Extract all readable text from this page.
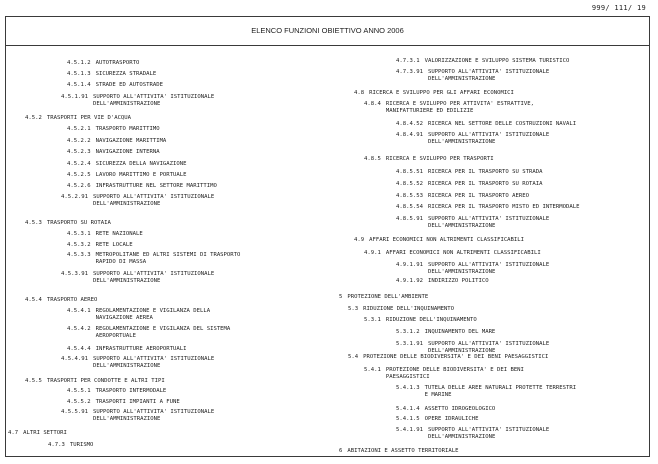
999/ 111/ 19
ELENCO FUNZIONI OBIETTIVO ANNO 2006
4.5.1.2 AUTOTRASPORTO
4.5.1.3 SICUREZZA STRADALE
4.5.1.4 STRADE ED AUTOSTRADE
4.5.1.91 SUPPORTO ALL'ATTIVITA' ISTITUZIONALE
DELL'AMMINISTRAZIONE
4.5.2 TRASPORTI PER VIE D'ACQUA
4.5.2.1 TRASPORTO MARITTIMO
4.5.2.2 NAVIGAZIONE MARITTIMA
4.5.2.3 NAVIGAZIONE INTERNA
4.5.2.4 SICUREZZA DELLA NAVIGAZIONE
4.5.2.5 LAVORO MARITTIMO E PORTUALE
4.5.2.6 INFRASTRUTTURE NEL SETTORE MARITTIMO
4.5.2.91 SUPPORTO ALL'ATTIVITA' ISTITUZIONALE
DELL'AMMINISTRAZIONE
4.5.3 TRASPORTO SU ROTAIA
4.5.3.1 RETE NAZIONALE
4.5.3.2 RETE LOCALE
4.5.3.3 METROPOLITANE ED ALTRI SISTEMI DI TRASPORTO
RAPIDO DI MASSA
4.5.3.91 SUPPORTO ALL'ATTIVITA' ISTITUZIONALE
DELL'AMMINISTRAZIONE
4.5.4 TRASPORTO AEREO
4.5.4.1 REGOLAMENTAZIONE E VIGILANZA DELLA
NAVIGAZIONE AEREA
4.5.4.2 REGOLAMENTAZIONE E VIGILANZA DEL SISTEMA
AEROPORTUALE
4.5.4.4 INFRASTRUTTURE AEROPORTUALI
4.5.4.91 SUPPORTO ALL'ATTIVITA' ISTITUZIONALE
DELL'AMMINISTRAZIONE
4.5.5 TRASPORTI PER CONDOTTE E ALTRI TIPI
4.5.5.1 TRASPORTO INTERMODALE
4.5.5.2 TRASPORTI IMPIANTI A FUNE
4.5.5.91 SUPPORTO ALL'ATTIVITA' ISTITUZIONALE
DELL'AMMINISTRAZIONE
4.7 ALTRI SETTORI
4.7.3 TURISMO
4.7.3.1 VALORIZZAZIONE E SVILUPPO SISTEMA TURISTICO
4.7.3.91 SUPPORTO ALL'ATTIVITA' ISTITUZIONALE
DELL'AMMINISTRAZIONE
4.8 RICERCA E SVILUPPO PER GLI AFFARI ECONOMICI
4.8.4 RICERCA E SVILUPPO PER ATTIVITA' ESTRATTIVE,
MANIFATTURIERE ED EDILIZIE
4.8.4.52 RICERCA NEL SETTORE DELLE COSTRUZIONI NAVALI
4.8.4.91 SUPPORTO ALL'ATTIVITA' ISTITUZIONALE
DELL'AMMINISTRAZIONE
4.8.5 RICERCA E SVILUPPO PER TRASPORTI
4.8.5.51 RICERCA PER IL TRASPORTO SU STRADA
4.8.5.52 RICERCA PER IL TRASPORTO SU ROTAIA
4.8.5.53 RICERCA PER IL TRASPORTO AEREO
4.8.5.54 RICERCA PER IL TRASPORTO MISTO ED INTERMODALE
4.8.5.91 SUPPORTO ALL'ATTIVITA' ISTITUZIONALE
DELL'AMMINISTRAZIONE
4.9 AFFARI ECONOMICI NON ALTRIMENTI CLASSIFICABILI
4.9.1 AFFARI ECONOMICI NON ALTRIMENTI CLASSIFICABILI
4.9.1.91 SUPPORTO ALL'ATTIVITA' ISTITUZIONALE
DELL'AMMINISTRAZIONE
4.9.1.92 INDIRIZZO POLITICO
5 PROTEZIONE DELL'AMBIENTE
5.3 RIDUZIONE DELL'INQUINAMENTO
5.3.1 RIDUZIONE DELL'INQUINAMENTO
5.3.1.2 INQUINAMENTO DEL MARE
5.3.1.91 SUPPORTO ALL'ATTIVITA' ISTITUZIONALE
DELL'AMMINISTRAZIONE
5.4 PROTEZIONE DELLE BIODIVERSITA' E DEI BENI PAESAGGISTICI
5.4.1 PROTEZIONE DELLE BIODIVERSITA' E DEI BENI
PAESAGGISTICI
5.4.1.3 TUTELA DELLE AREE NATURALI PROTETTE TERRESTRI
E MARINE
5.4.1.4 ASSETTO IDROGEOLOGICO
5.4.1.5 OPERE IDRAULICHE
5.4.1.91 SUPPORTO ALL'ATTIVITA' ISTITUZIONALE
DELL'AMMINISTRAZIONE
6 ABITAZIONI E ASSETTO TERRITORIALE
